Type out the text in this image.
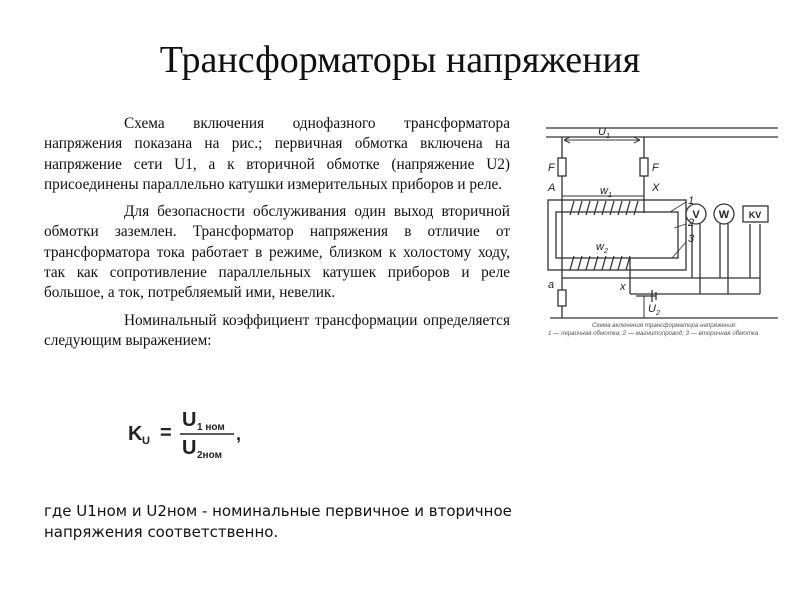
Трансформаторы напряжения

Схема включения однофазного трансформатора напряжения показана на рис.; первичная обмотка включена на напряжение сети U1, а к вторичной обмотке (напряжение U2) присоединены параллельно катушки измерительных приборов и реле.

Для безопасности обслуживания один выход вторичной обмотки заземлен. Трансформатор напряжения в отличие от трансформатора тока работает в режиме, близком к холостому ходу, так как сопротивление параллельных катушек приборов и реле большое, а ток, потребляемый ими, невелик.

Номинальный коэффициент трансформации определяется следующим выражением:

K U =
U 1 ном
U 2ном
,
где U1ном и U2ном - номинальные первичное и вторичное напряжения соответственно.
U 1
F	F
A	X
w 1
w 2
1
2
3
a	x
U 2
V W KV
Схема включения трансформатора напряжения:
1 — первичная обмотка; 2 — магнитопровод; 3 — вторичная обмотка
